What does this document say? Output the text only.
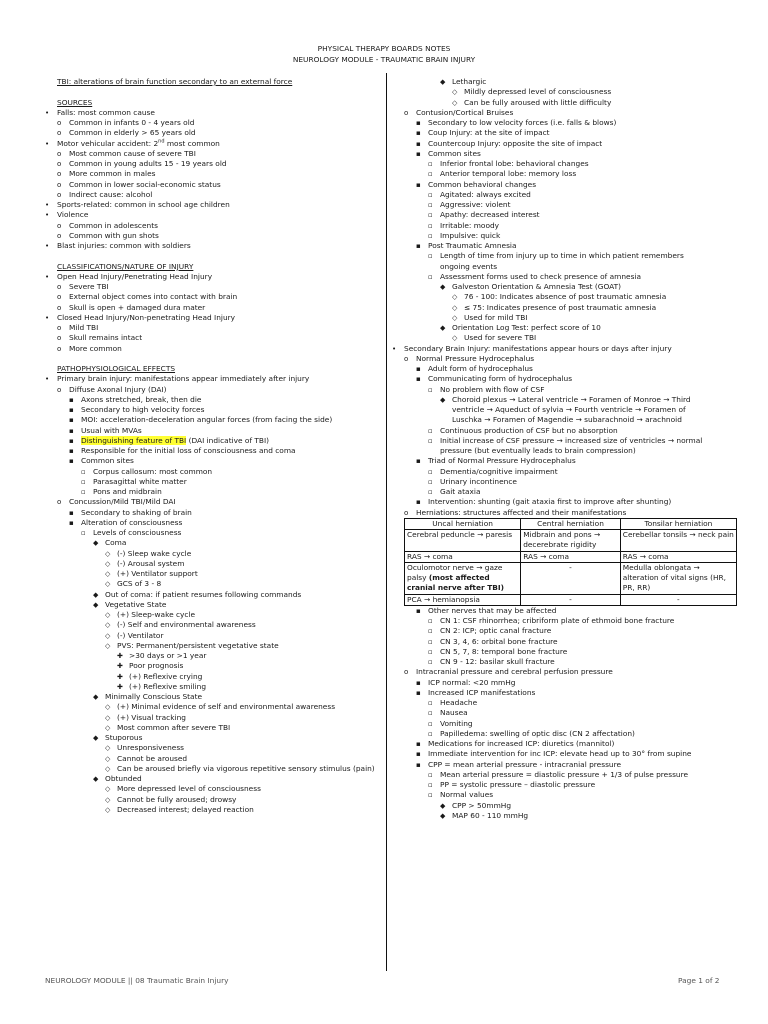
PHYSICAL THERAPY BOARDS NOTES
NEUROLOGY MODULE - TRAUMATIC BRAIN INJURY
TBI: alterations of brain function secondary to an external force
SOURCES
•
Falls: most common cause
o
Common in infants 0 - 4 years old
o
Common in elderly > 65 years old
•
Motor vehicular accident: 2nd most common
o
Most common cause of severe TBI
o
Common in young adults 15 - 19 years old
o
More common in males
o
Common in lower social-economic status
o
Indirect cause: alcohol
•
Sports-related: common in school age children
•
Violence
o
Common in adolescents
o
Common with gun shots
•
Blast injuries: common with soldiers
CLASSIFICATIONS/NATURE OF INJURY
•
Open Head Injury/Penetrating Head Injury
o
Severe TBI
o
External object comes into contact with brain
o
Skull is open + damaged dura mater
•
Closed Head Injury/Non-penetrating Head Injury
o
Mild TBI
o
Skull remains intact
o
More common
PATHOPHYSIOLOGICAL EFFECTS
•
Primary brain injury: manifestations appear immediately after injury
o
Diffuse Axonal Injury (DAI)
▪
Axons stretched, break, then die
▪
Secondary to high velocity forces
▪
MOI: acceleration-deceleration angular forces (from facing the side)
▪
Usual with MVAs
▪
Distinguishing feature of TBI (DAI indicative of TBI)
▪
Responsible for the initial loss of consciousness and coma
▪
Common sites
▫
Corpus callosum: most common
▫
Parasagittal white matter
▫
Pons and midbrain
o
Concussion/Mild TBI/Mild DAI
▪
Secondary to shaking of brain
▪
Alteration of consciousness
▫
Levels of consciousness
◆
Coma
◇
(-) Sleep wake cycle
◇
(-) Arousal system
◇
(+) Ventilator support
◇
GCS of 3 - 8
◆
Out of coma: if patient resumes following commands
◆
Vegetative State
◇
(+) Sleep-wake cycle
◇
(-) Self and environmental awareness
◇
(-) Ventilator
◇
PVS: Permanent/persistent vegetative state
✚
>30 days or >1 year
✚
Poor prognosis
✚
(+) Reflexive crying
✚
(+) Reflexive smiling
◆
Minimally Conscious State
◇
(+) Minimal evidence of self and environmental awareness
◇
(+) Visual tracking
◇
Most common after severe TBI
◆
Stuporous
◇
Unresponsiveness
◇
Cannot be aroused
◇
Can be aroused briefly via vigorous repetitive sensory stimulus (pain)
◆
Obtunded
◇
More depressed level of consciousness
◇
Cannot be fully aroused; drowsy
◇
Decreased interest; delayed reaction
◆
Lethargic
◇
Mildly depressed level of consciousness
◇
Can be fully aroused with little difficulty
o
Contusion/Cortical Bruises
▪
Secondary to low velocity forces (i.e. falls & blows)
▪
Coup Injury: at the site of impact
▪
Countercoup Injury: opposite the site of impact
▪
Common sites
▫
Inferior frontal lobe: behavioral changes
▫
Anterior temporal lobe: memory loss
▪
Common behavioral changes
▫
Agitated: always excited
▫
Aggressive: violent
▫
Apathy: decreased interest
▫
Irritable: moody
▫
Impulsive: quick
▪
Post Traumatic Amnesia
▫
Length of time from injury up to time in which patient remembers
ongoing events
▫
Assessment forms used to check presence of amnesia
◆
Galveston Orientation & Amnesia Test (GOAT)
◇
76 - 100: Indicates absence of post traumatic amnesia
◇
≤ 75: Indicates presence of post traumatic amnesia
◇
Used for mild TBI
◆
Orientation Log Test: perfect score of 10
◇
Used for severe TBI
•
Secondary Brain Injury: manifestations appear hours or days after injury
o
Normal Pressure Hydrocephalus
▪
Adult form of hydrocephalus
▪
Communicating form of hydrocephalus
▫
No problem with flow of CSF
◆
Choroid plexus → Lateral ventricle → Foramen of Monroe → Third
ventricle → Aqueduct of sylvia → Fourth ventricle → Foramen of
Luschka → Foramen of Magendie → subarachnoid → arachnoid
▫
Continuous production of CSF but no absorption
▫
Initial increase of CSF pressure → increased size of ventricles → normal
pressure (but eventually leads to brain compression)
▪
Triad of Normal Pressure Hydrocephalus
▫
Dementia/cognitive impairment
▫
Urinary incontinence
▫
Gait ataxia
▪
Intervention: shunting (gait ataxia first to improve after shunting)
o
Herniations: structures affected and their manifestations
Uncal herniation	Central herniation	Tonsilar herniation
Cerebral peduncle → paresis	Midbrain and pons → decerebrate rigidity	Cerebellar tonsils → neck pain
RAS → coma	RAS → coma	RAS → coma
Oculomotor nerve → gaze palsy (most affected cranial nerve after TBI)	-	Medulla oblongata → alteration of vital signs (HR, PR, RR)
PCA → hemianopsia	-	-
▪
Other nerves that may be affected
▫
CN 1: CSF rhinorrhea; cribriform plate of ethmoid bone fracture
▫
CN 2: ICP; optic canal fracture
▫
CN 3, 4, 6: orbital bone fracture
▫
CN 5, 7, 8: temporal bone fracture
▫
CN 9 - 12: basilar skull fracture
o
Intracranial pressure and cerebral perfusion pressure
▪
ICP normal: <20 mmHg
▪
Increased ICP manifestations
▫
Headache
▫
Nausea
▫
Vomiting
▫
Papilledema: swelling of optic disc (CN 2 affectation)
▪
Medications for increased ICP: diuretics (mannitol)
▪
Immediate intervention for inc ICP: elevate head up to 30° from supine
▪
CPP = mean arterial pressure - intracranial pressure
▫
Mean arterial pressure = diastolic pressure + 1/3 of pulse pressure
▫
PP = systolic pressure – diastolic pressure
▫
Normal values
◆
CPP > 50mmHg
◆
MAP 60 - 110 mmHg
NEUROLOGY MODULE || 08 Traumatic Brain Injury	Page 1 of 2
